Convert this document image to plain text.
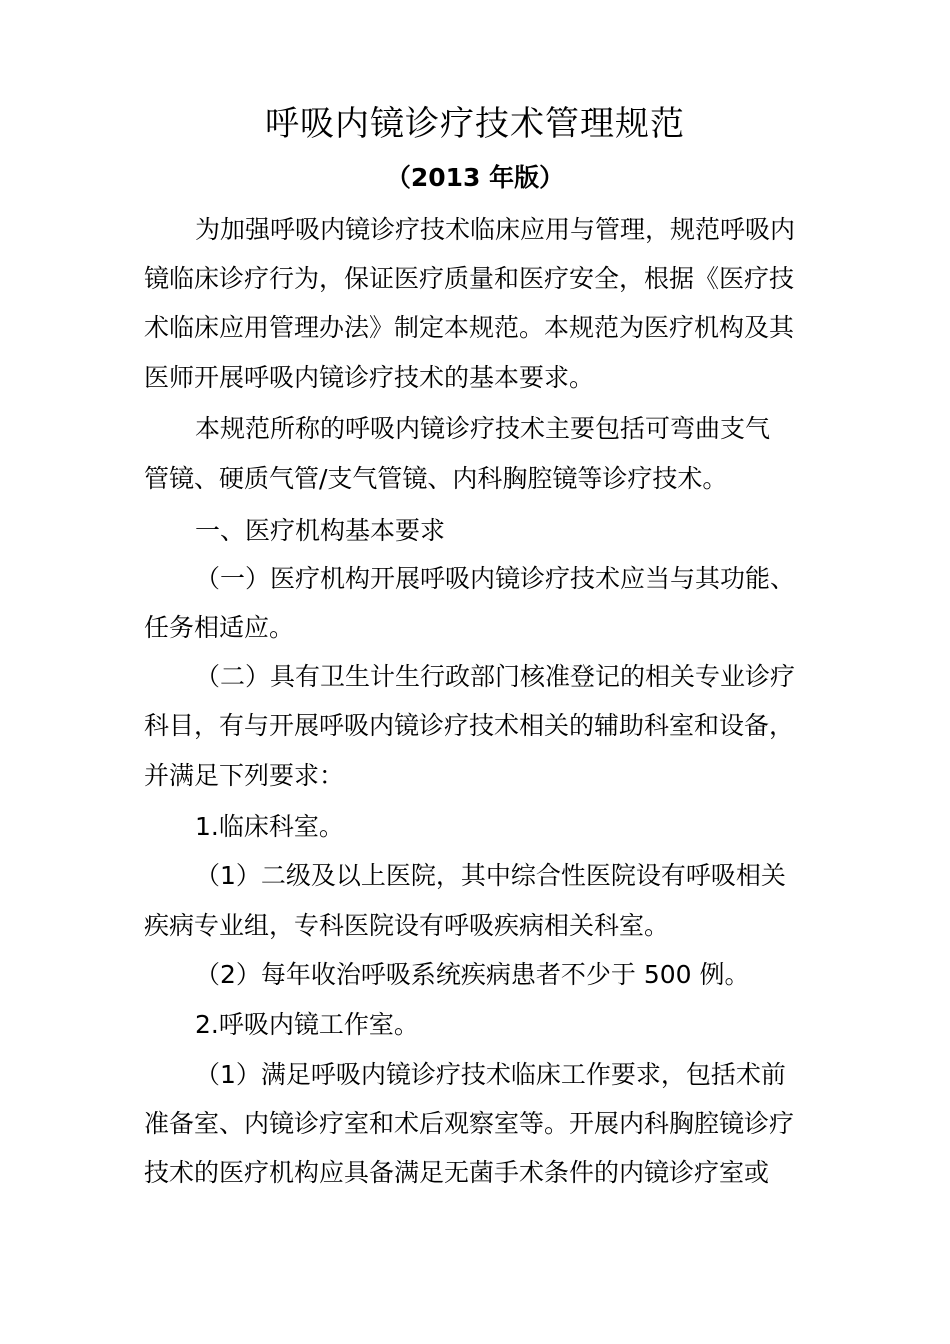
呼吸内镜诊疗技术管理规范
（2013 年版）
为加强呼吸内镜诊疗技术临床应用与管理，规范呼吸内
镜临床诊疗行为，保证医疗质量和医疗安全，根据《医疗技
术临床应用管理办法》制定本规范。本规范为医疗机构及其
医师开展呼吸内镜诊疗技术的基本要求。
本规范所称的呼吸内镜诊疗技术主要包括可弯曲支气
管镜、硬质气管/支气管镜、内科胸腔镜等诊疗技术。
一、医疗机构基本要求
（一）医疗机构开展呼吸内镜诊疗技术应当与其功能、
任务相适应。
（二）具有卫生计生行政部门核准登记的相关专业诊疗
科目，有与开展呼吸内镜诊疗技术相关的辅助科室和设备，
并满足下列要求：
1.临床科室。
（1）二级及以上医院，其中综合性医院设有呼吸相关
疾病专业组，专科医院设有呼吸疾病相关科室。
（2）每年收治呼吸系统疾病患者不少于 500 例。
2.呼吸内镜工作室。
（1）满足呼吸内镜诊疗技术临床工作要求，包括术前
准备室、内镜诊疗室和术后观察室等。开展内科胸腔镜诊疗
技术的医疗机构应具备满足无菌手术条件的内镜诊疗室或
